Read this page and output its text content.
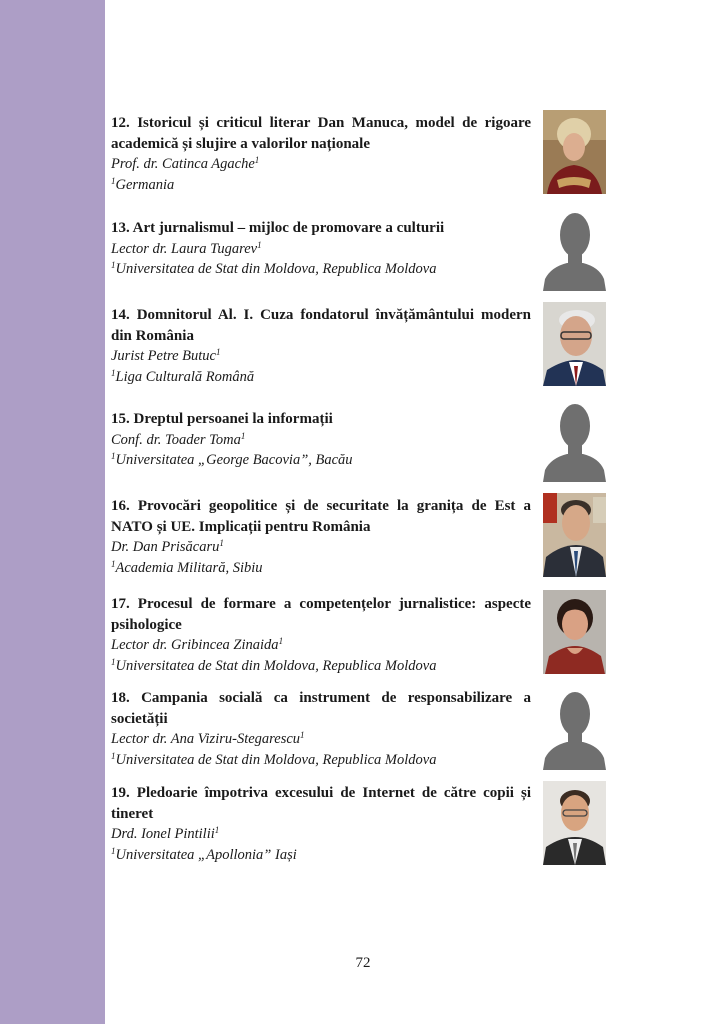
12. Istoricul și criticul literar Dan Manuca, model de rigoare academică și slujire a valorilor naționale

Prof. dr. Catinca Agache$^1$

$^1$Germania

13. Art jurnalismul – mijloc de promovare a culturii

Lector dr. Laura Tugarev$^1$

$^1$Universitatea de Stat din Moldova, Republica Moldova

14. Domnitorul Al. I. Cuza fondatorul învățământului modern din România

Jurist Petre Butuc$^1$

$^1$Liga Culturală Română

15. Dreptul persoanei la informații

Conf. dr. Toader Toma$^1$

$^1$Universitatea „George Bacovia”, Bacău

16. Provocări geopolitice și de securitate la granița de Est a NATO și UE. Implicații pentru România

Dr. Dan Prisăcaru$^1$

$^1$Academia Militară, Sibiu

17. Procesul de formare a competențelor jurnalistice: aspecte psihologice

Lector dr. Gribincea Zinaida$^1$

$^1$Universitatea de Stat din Moldova, Republica Moldova

18. Campania socială ca instrument de responsabilizare a societății

Lector dr. Ana Viziru-Stegarescu$^1$

$^1$Universitatea de Stat din Moldova, Republica Moldova

19. Pledoarie împotriva excesului de Internet de către copii și tineret

Drd. Ionel Pintilii$^1$

$^1$Universitatea „Apollonia” Iași

72
